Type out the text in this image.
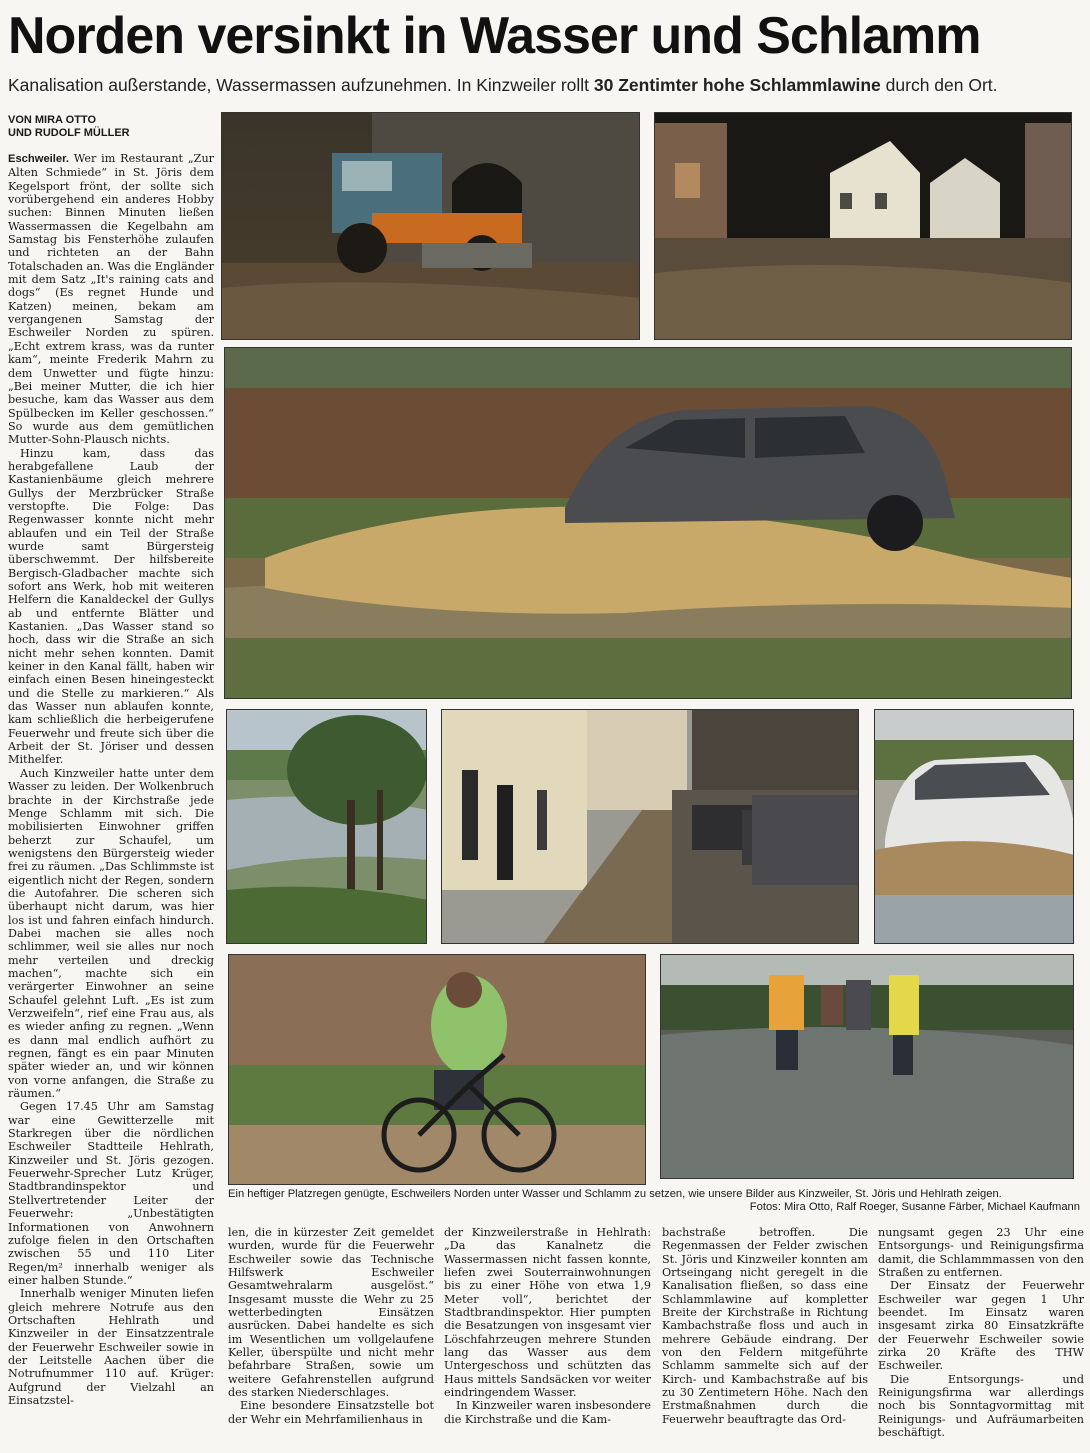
Norden versinkt in Wasser und Schlamm
Kanalisation außerstande, Wassermassen aufzunehmen. In Kinzweiler rollt 30 Zentimter hohe Schlammlawine durch den Ort.
VON MIRA OTTO
UND RUDOLF MÜLLER

Eschweiler. Wer im Restaurant „Zur Alten Schmiede“ in St. Jöris dem Kegelsport frönt, der sollte sich vorübergehend ein anderes Hobby suchen: Binnen Minuten ließen Wassermassen die Kegelbahn am Samstag bis Fensterhöhe zulaufen und richteten an der Bahn Totalschaden an. Was die Engländer mit dem Satz „It's raining cats and dogs“ (Es regnet Hunde und Katzen) meinen, bekam am vergangenen Samstag der Eschweiler Norden zu spüren. „Echt extrem krass, was da runter kam“, meinte Frederik Mahrn zu dem Unwetter und fügte hinzu: „Bei meiner Mutter, die ich hier besuche, kam das Wasser aus dem Spülbecken im Keller geschossen.“ So wurde aus dem gemütlichen Mutter-Sohn-Plausch nichts.

Hinzu kam, dass das herabgefallene Laub der Kastanienbäume gleich mehrere Gullys der Merzbrücker Straße verstopfte. Die Folge: Das Regenwasser konnte nicht mehr ablaufen und ein Teil der Straße wurde samt Bürgersteig überschwemmt. Der hilfsbereite Bergisch-Gladbacher machte sich sofort ans Werk, hob mit weiteren Helfern die Kanaldeckel der Gullys ab und entfernte Blätter und Kastanien. „Das Wasser stand so hoch, dass wir die Straße an sich nicht mehr sehen konnten. Damit keiner in den Kanal fällt, haben wir einfach einen Besen hineingesteckt und die Stelle zu markieren.“ Als das Wasser nun ablaufen konnte, kam schließlich die herbeigerufene Feuerwehr und freute sich über die Arbeit der St. Jöriser und dessen Mithelfer.

Auch Kinzweiler hatte unter dem Wasser zu leiden. Der Wolkenbruch brachte in der Kirchstraße jede Menge Schlamm mit sich. Die mobilisierten Einwohner griffen beherzt zur Schaufel, um wenigstens den Bürgersteig wieder frei zu räumen. „Das Schlimmste ist eigentlich nicht der Regen, sondern die Autofahrer. Die scheren sich überhaupt nicht darum, was hier los ist und fahren einfach hindurch. Dabei machen sie alles noch schlimmer, weil sie alles nur noch mehr verteilen und dreckig machen“, machte sich ein verärgerter Einwohner an seine Schaufel gelehnt Luft. „Es ist zum Verzweifeln“, rief eine Frau aus, als es wieder anfing zu regnen. „Wenn es dann mal endlich aufhört zu regnen, fängt es ein paar Minuten später wieder an, und wir können von vorne anfangen, die Straße zu räumen.“

Gegen 17.45 Uhr am Samstag war eine Gewitterzelle mit Starkregen über die nördlichen Eschweiler Stadtteile Hehlrath, Kinzweiler und St. Jöris gezogen. Feuerwehr-Sprecher Lutz Krüger, Stadtbrandinspektor und Stellvertretender Leiter der Feuerwehr: „Unbestätigten Informationen von Anwohnern zufolge fielen in den Ortschaften zwischen 55 und 110 Liter Regen/m² innerhalb weniger als einer halben Stunde.“

Innerhalb weniger Minuten liefen gleich mehrere Notrufe aus den Ortschaften Hehlrath und Kinzweiler in der Einsatzzentrale der Feuerwehr Eschweiler sowie in der Leitstelle Aachen über die Notrufnummer 110 auf. Krüger: Aufgrund der Vielzahl an Einsatzstel-

Ein heftiger Platzregen genügte, Eschweilers Norden unter Wasser und Schlamm zu setzen, wie unsere Bilder aus Kinzweiler, St. Jöris und Hehlrath zeigen.
Fotos: Mira Otto, Ralf Roeger, Susanne Färber, Michael Kaufmann

len, die in kürzester Zeit gemeldet wurden, wurde für die Feuerwehr Eschweiler sowie das Technische Hilfswerk Eschweiler Gesamtwehralarm ausgelöst.“ Insgesamt musste die Wehr zu 25 wetterbedingten Einsätzen ausrücken. Dabei handelte es sich im Wesentlichen um vollgelaufene Keller, überspülte und nicht mehr befahrbare Straßen, sowie um weitere Gefahrenstellen aufgrund des starken Niederschlages.

Eine besondere Einsatzstelle bot der Wehr ein Mehrfamilienhaus in

der Kinzweilerstraße in Hehlrath: „Da das Kanalnetz die Wassermassen nicht fassen konnte, liefen zwei Souterrainwohnungen bis zu einer Höhe von etwa 1,9 Meter voll“, berichtet der Stadtbrandinspektor. Hier pumpten die Besatzungen von insgesamt vier Löschfahrzeugen mehrere Stunden lang das Wasser aus dem Untergeschoss und schützten das Haus mittels Sandsäcken vor weiter eindringendem Wasser.

In Kinzweiler waren insbesondere die Kirchstraße und die Kam-

bachstraße betroffen. Die Regenmassen der Felder zwischen St. Jöris und Kinzweiler konnten am Ortseingang nicht geregelt in die Kanalisation fließen, so dass eine Schlammlawine auf kompletter Breite der Kirchstraße in Richtung Kambachstraße floss und auch in mehrere Gebäude eindrang. Der von den Feldern mitgeführte Schlamm sammelte sich auf der Kirch- und Kambachstraße auf bis zu 30 Zentimetern Höhe. Nach den Erstmaßnahmen durch die Feuerwehr beauftragte das Ord-

nungsamt gegen 23 Uhr eine Entsorgungs- und Reinigungsfirma damit, die Schlammmassen von den Straßen zu entfernen.

Der Einsatz der Feuerwehr Eschweiler war gegen 1 Uhr beendet. Im Einsatz waren insgesamt zirka 80 Einsatzkräfte der Feuerwehr Eschweiler sowie zirka 20 Kräfte des THW Eschweiler.

Die Entsorgungs- und Reinigungsfirma war allerdings noch bis Sonntagvormittag mit Reinigungs- und Aufräumarbeiten beschäftigt.
